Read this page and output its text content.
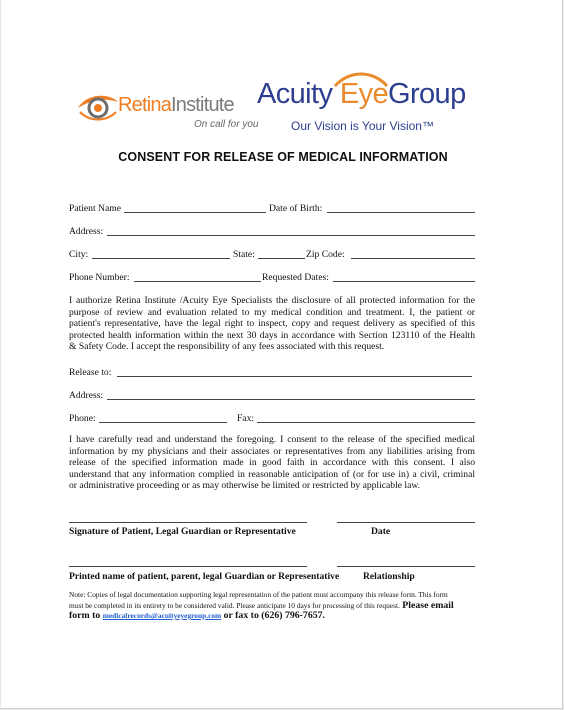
RetinaInstitute
On call for you
Acuity EyeGroup
Our Vision is Your Vision™
CONSENT FOR RELEASE OF MEDICAL INFORMATION
Patient Name	Date of Birth:
Address:
City:	State:	Zip Code:
Phone Number:	Requested Dates:
I authorize Retina Institute /Acuity Eye Specialists the disclosure of all protected information for the
purpose of review and evaluation related to my medical condition and treatment. I, the patient or
patient's representative, have the legal right to inspect, copy and request delivery as specified of this
protected health information within the next 30 days in accordance with Section 123110 of the Health
& Safety Code. I accept the responsibility of any fees associated with this request.
Release to:
Address:
Phone:	Fax:
I have carefully read and understand the foregoing. I consent to the release of the specified medical
information by my physicians and their associates or representatives from any liabilities arising from
release of the specified information made in good faith in accordance with this consent. I also
understand that any information complied in reasonable anticipation of (or for use in) a civil, criminal
or administrative proceeding or as may otherwise be limited or restricted by applicable law.
Signature of Patient, Legal Guardian or Representative	Date
Printed name of patient, parent, legal Guardian or Representative Relationship
Note: Copies of legal documentation supporting legal representation of the patient must accompany this release form. This form
must be completed in its entirety to be considered valid. Please anticipate 10 days for processing of this request. Please email
form to medicalrecords@acuityeyegroup.com or fax to (626) 796-7657.
